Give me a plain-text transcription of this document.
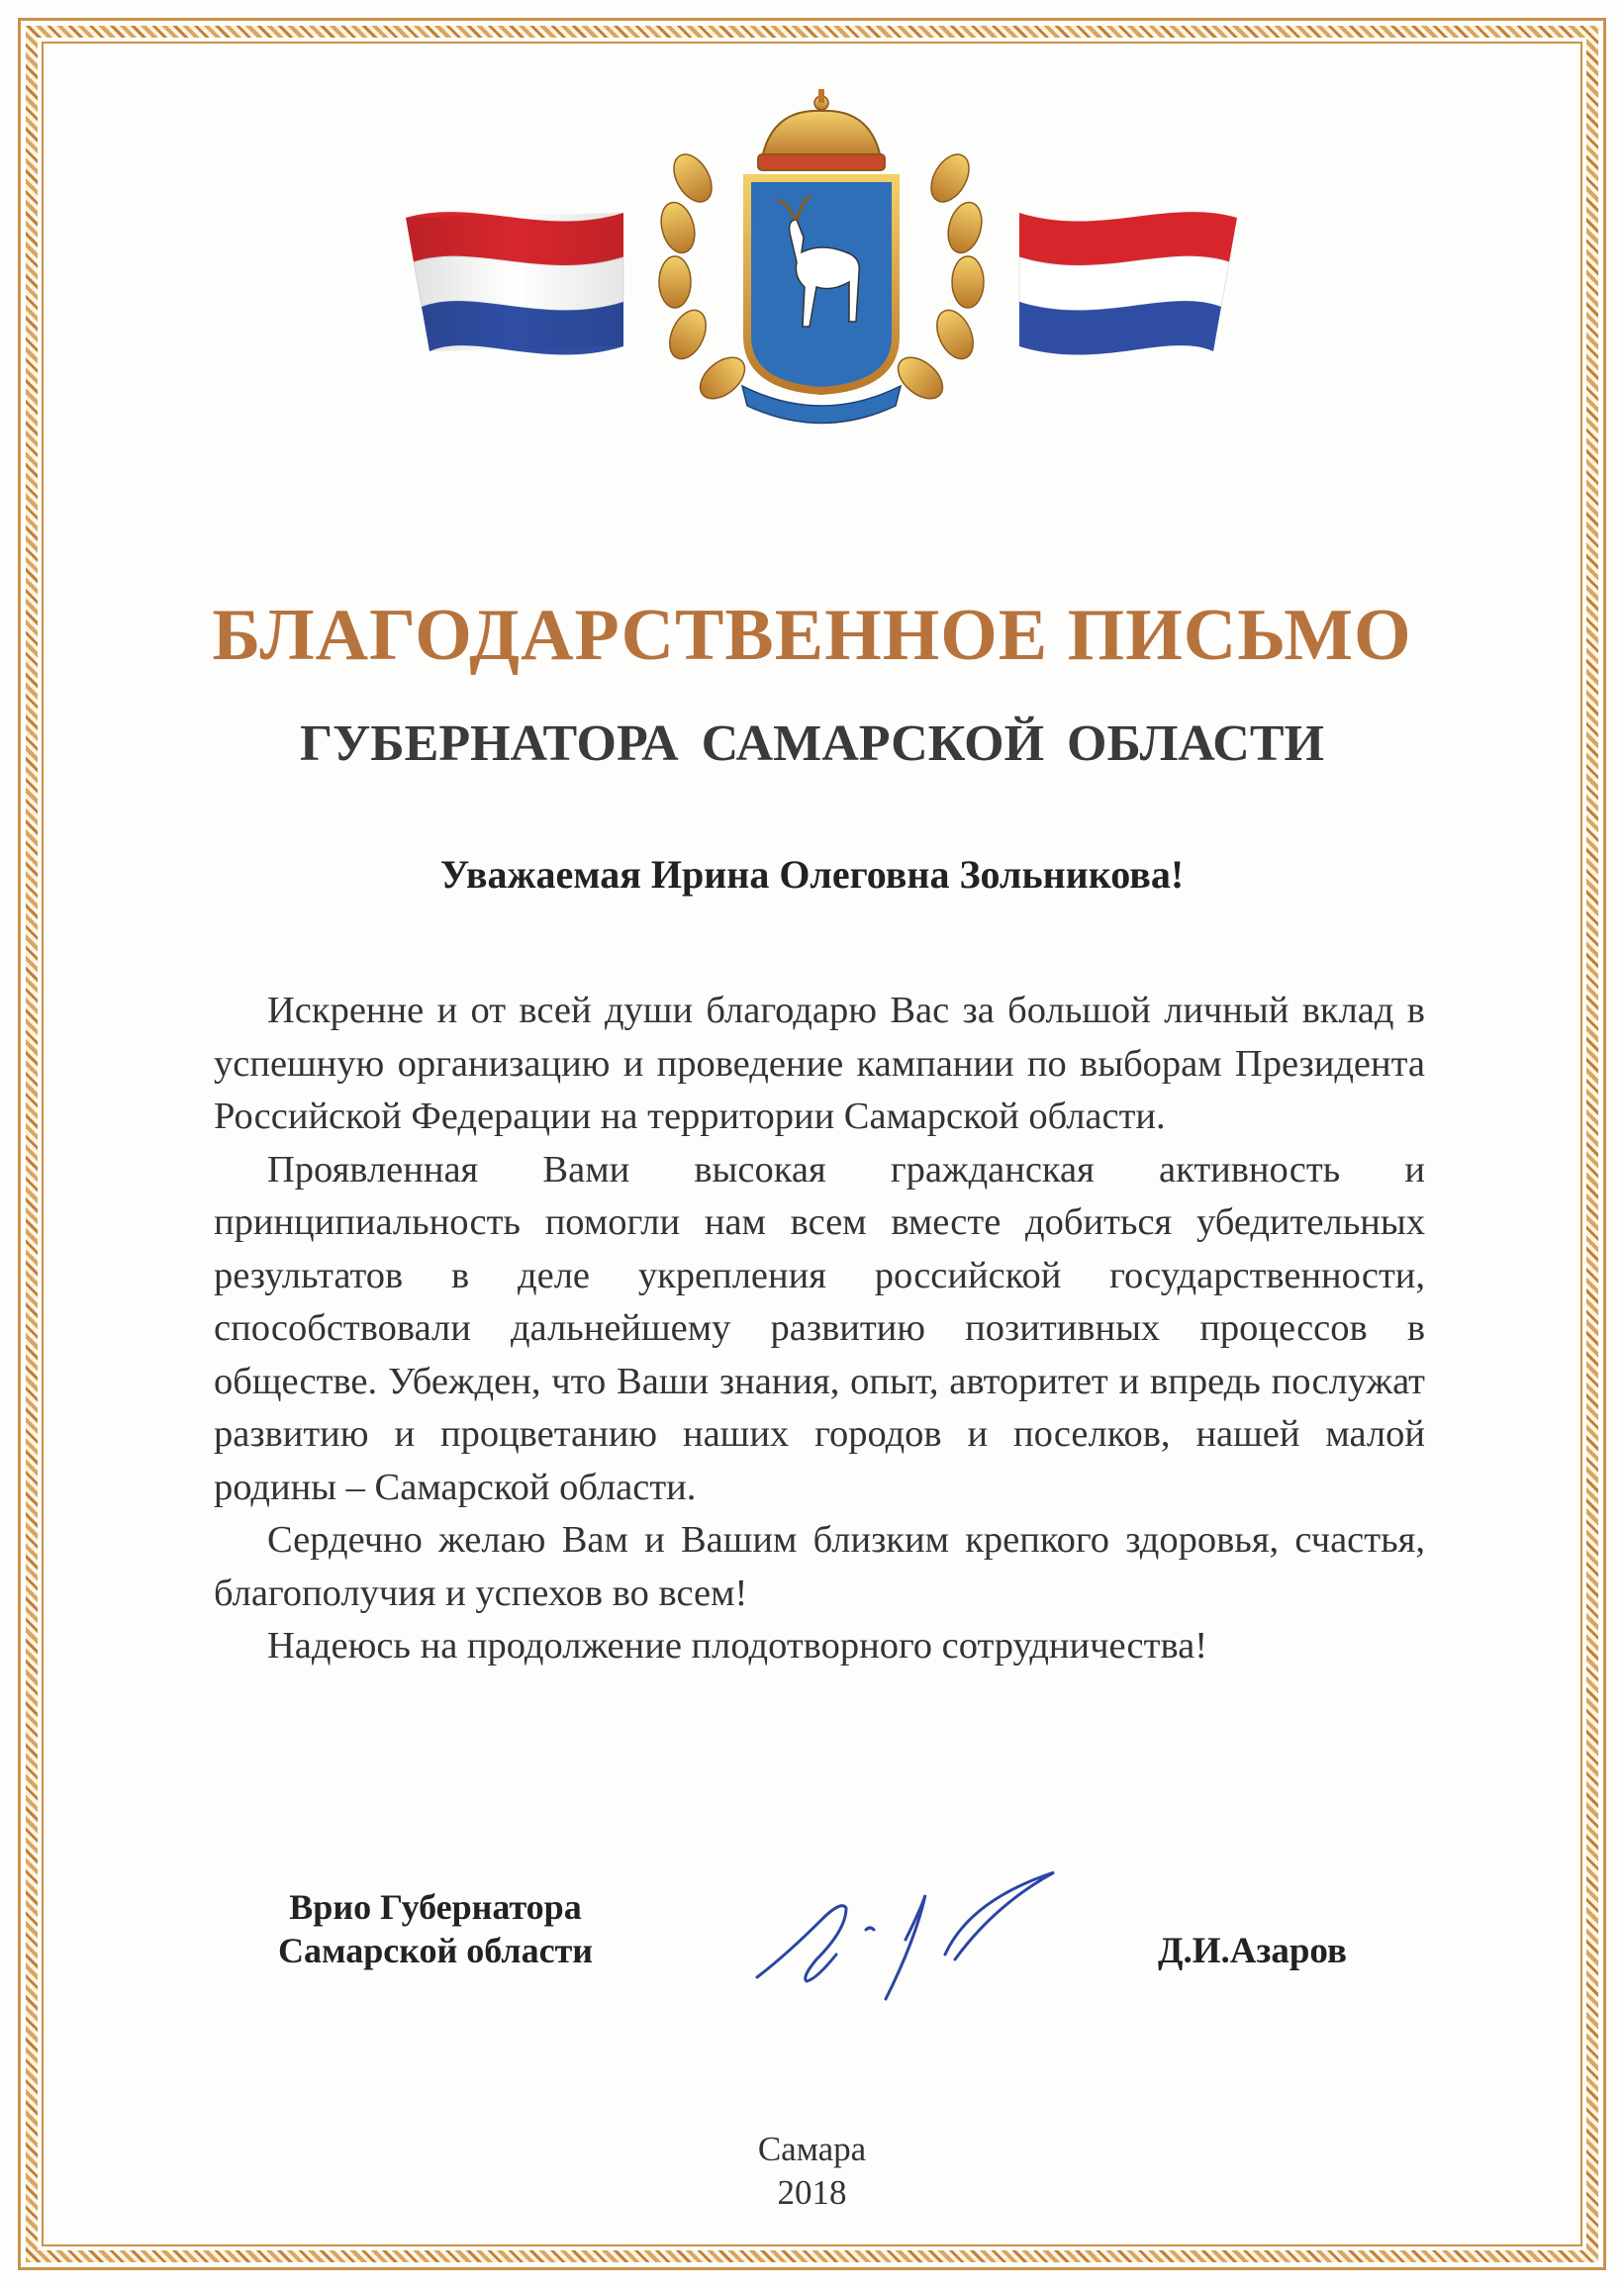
БЛАГОДАРСТВЕННОЕ ПИСЬМО
ГУБЕРНАТОРА САМАРСКОЙ ОБЛАСТИ
Уважаемая Ирина Олеговна Зольникова!

Искренне и от всей души благодарю Вас за большой личный вклад в успешную организацию и проведение кампании по выборам Президента Российской Федерации на территории Самарской области.

Проявленная Вами высокая гражданская активность и принципиальность помогли нам всем вместе добиться убедительных результатов в деле укрепления российской государственности, способствовали дальнейшему развитию позитивных процессов в обществе. Убежден, что Ваши знания, опыт, авторитет и впредь послужат развитию и процветанию наших городов и поселков, нашей малой родины – Самарской области.

Сердечно желаю Вам и Вашим близким крепкого здоровья, счастья, благополучия и успехов во всем!

Надеюсь на продолжение плодотворного сотрудничества!

Врио Губернатора
Самарской области	Д.И.Азаров
Самара
2018
